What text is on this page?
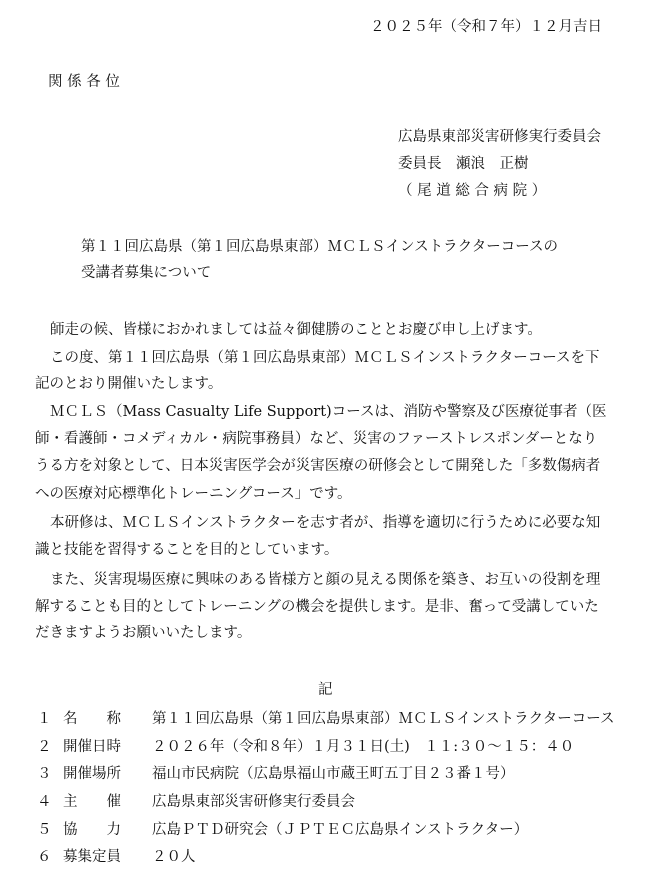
２０２５年（令和７年）１２月吉日
関 係 各 位
広島県東部災害研修実行委員会
委員長　瀬浪　正樹
（ 尾 道 総 合 病 院 ）
第１１回広島県（第１回広島県東部）ＭＣＬＳインストラクターコースの
受講者募集について
師走の候、皆様におかれましては益々御健勝のこととお慶び申し上げます。
この度、第１１回広島県（第１回広島県東部）ＭＣＬＳインストラクターコースを下
記のとおり開催いたします。
ＭＣＬＳ（Mass Casualty Life Support)コースは、消防や警察及び医療従事者（医
師・看護師・コメディカル・病院事務員）など、災害のファーストレスポンダーとなり
うる方を対象として、日本災害医学会が災害医療の研修会として開発した「多数傷病者
への医療対応標準化トレーニングコース」です。
本研修は、ＭＣＬＳインストラクターを志す者が、指導を適切に行うために必要な知
識と技能を習得することを目的としています。
また、災害現場医療に興味のある皆様方と顔の見える関係を築き、お互いの役割を理
解することも目的としてトレーニングの機会を提供します。是非、奮って受講していた
だきますようお願いいたします。
記
１ 名　　称 第１１回広島県（第１回広島県東部）ＭＣＬＳインストラクターコース
２ 開催日時 ２０２６年（令和８年）１月３１日(土)　１１:３０～１５：４０
３ 開催場所 福山市民病院（広島県福山市蔵王町五丁目２３番１号）
４ 主　　催 広島県東部災害研修実行委員会
５ 協　　力 広島ＰＴＤ研究会（ＪＰＴＥＣ広島県インストラクター）
６ 募集定員 ２０人
